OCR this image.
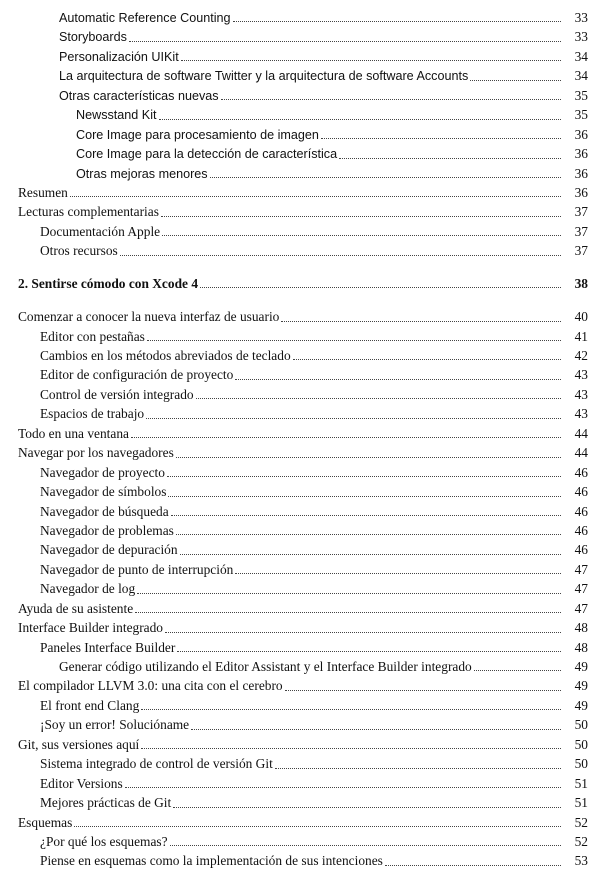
Automatic Reference Counting	33
Storyboards	33
Personalización UIKit	34
La arquitectura de software Twitter y la arquitectura de software Accounts	34
Otras características nuevas	35
Newsstand Kit	35
Core Image para procesamiento de imagen	36
Core Image para la detección de característica	36
Otras mejoras menores	36
Resumen	36
Lecturas complementarias	37
Documentación Apple	37
Otros recursos	37
2. Sentirse cómodo con Xcode 4	38
Comenzar a conocer la nueva interfaz de usuario	40
Editor con pestañas	41
Cambios en los métodos abreviados de teclado	42
Editor de configuración de proyecto	43
Control de versión integrado	43
Espacios de trabajo	43
Todo en una ventana	44
Navegar por los navegadores	44
Navegador de proyecto	46
Navegador de símbolos	46
Navegador de búsqueda	46
Navegador de problemas	46
Navegador de depuración	46
Navegador de punto de interrupción	47
Navegador de log	47
Ayuda de su asistente	47
Interface Builder integrado	48
Paneles Interface Builder	48
Generar código utilizando el Editor Assistant y el Interface Builder integrado	49
El compilador LLVM 3.0: una cita con el cerebro	49
El front end Clang	49
¡Soy un error! Solucióname	50
Git, sus versiones aquí	50
Sistema integrado de control de versión Git	50
Editor Versions	51
Mejores prácticas de Git	51
Esquemas	52
¿Por qué los esquemas?	52
Piense en esquemas como la implementación de sus intenciones	53
